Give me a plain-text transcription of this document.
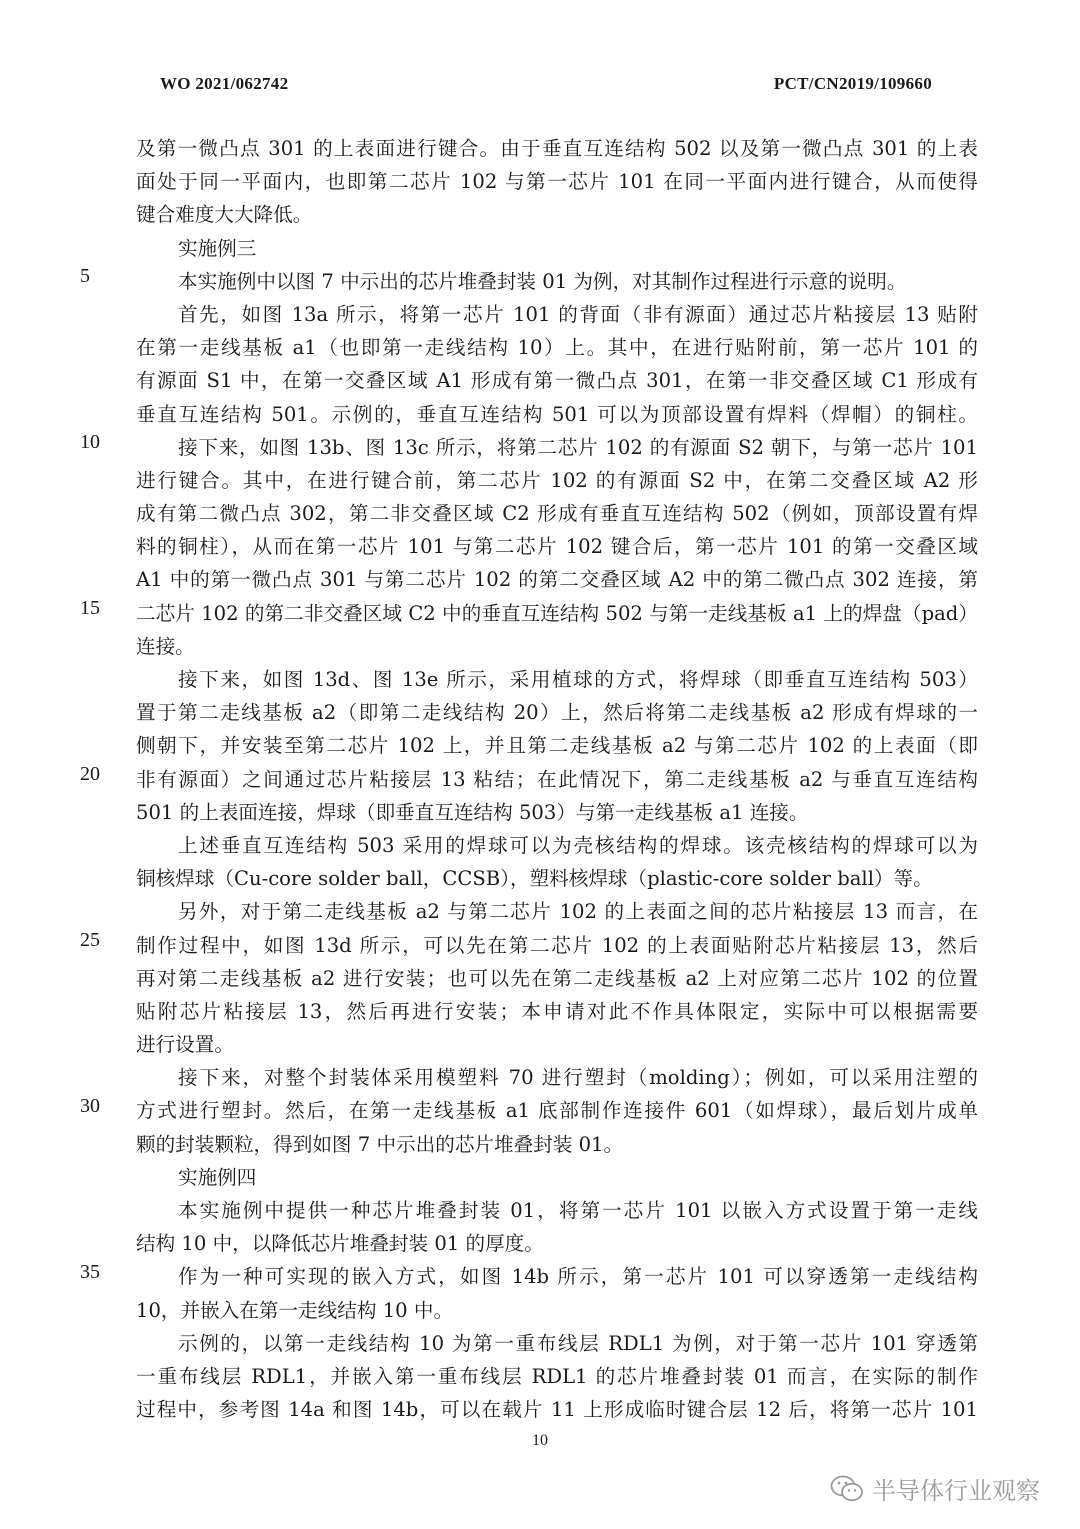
WO 2021/062742	PCT/CN2019/109660
及第一微凸点 301 的上表面进行键合。由于垂直互连结构 502 以及第一微凸点 301 的上表
面处于同一平面内，也即第二芯片 102 与第一芯片 101 在同一平面内进行键合，从而使得
键合难度大大降低。
实施例三
本实施例中以图 7 中示出的芯片堆叠封装 01 为例，对其制作过程进行示意的说明。
首先，如图 13a 所示，将第一芯片 101 的背面（非有源面）通过芯片粘接层 13 贴附
在第一走线基板 a1（也即第一走线结构 10）上。其中，在进行贴附前，第一芯片 101 的
有源面 S1 中，在第一交叠区域 A1 形成有第一微凸点 301，在第一非交叠区域 C1 形成有
垂直互连结构 501。示例的，垂直互连结构 501 可以为顶部设置有焊料（焊帽）的铜柱。
接下来，如图 13b、图 13c 所示，将第二芯片 102 的有源面 S2 朝下，与第一芯片 101
进行键合。其中，在进行键合前，第二芯片 102 的有源面 S2 中，在第二交叠区域 A2 形
成有第二微凸点 302，第二非交叠区域 C2 形成有垂直互连结构 502（例如，顶部设置有焊
料的铜柱），从而在第一芯片 101 与第二芯片 102 键合后，第一芯片 101 的第一交叠区域
A1 中的第一微凸点 301 与第二芯片 102 的第二交叠区域 A2 中的第二微凸点 302 连接，第
二芯片 102 的第二非交叠区域 C2 中的垂直互连结构 502 与第一走线基板 a1 上的焊盘（pad）
连接。
接下来，如图 13d、图 13e 所示，采用植球的方式，将焊球（即垂直互连结构 503）
置于第二走线基板 a2（即第二走线结构 20）上，然后将第二走线基板 a2 形成有焊球的一
侧朝下，并安装至第二芯片 102 上，并且第二走线基板 a2 与第二芯片 102 的上表面（即
非有源面）之间通过芯片粘接层 13 粘结；在此情况下，第二走线基板 a2 与垂直互连结构
501 的上表面连接，焊球（即垂直互连结构 503）与第一走线基板 a1 连接。
上述垂直互连结构 503 采用的焊球可以为壳核结构的焊球。该壳核结构的焊球可以为
铜核焊球（Cu-core solder ball，CCSB），塑料核焊球（plastic-core solder ball）等。
另外，对于第二走线基板 a2 与第二芯片 102 的上表面之间的芯片粘接层 13 而言，在
制作过程中，如图 13d 所示，可以先在第二芯片 102 的上表面贴附芯片粘接层 13，然后
再对第二走线基板 a2 进行安装；也可以先在第二走线基板 a2 上对应第二芯片 102 的位置
贴附芯片粘接层 13，然后再进行安装；本申请对此不作具体限定，实际中可以根据需要
进行设置。
接下来，对整个封装体采用模塑料 70 进行塑封（molding）；例如，可以采用注塑的
方式进行塑封。然后，在第一走线基板 a1 底部制作连接件 601（如焊球），最后划片成单
颗的封装颗粒，得到如图 7 中示出的芯片堆叠封装 01。
实施例四
本实施例中提供一种芯片堆叠封装 01，将第一芯片 101 以嵌入方式设置于第一走线
结构 10 中，以降低芯片堆叠封装 01 的厚度。
作为一种可实现的嵌入方式，如图 14b 所示，第一芯片 101 可以穿透第一走线结构
10，并嵌入在第一走线结构 10 中。
示例的，以第一走线结构 10 为第一重布线层 RDL1 为例，对于第一芯片 101 穿透第
一重布线层 RDL1，并嵌入第一重布线层 RDL1 的芯片堆叠封装 01 而言，在实际的制作
过程中，参考图 14a 和图 14b，可以在载片 11 上形成临时键合层 12 后，将第一芯片 101
10
半导体行业观察
5
10
15
20
25
30
35
